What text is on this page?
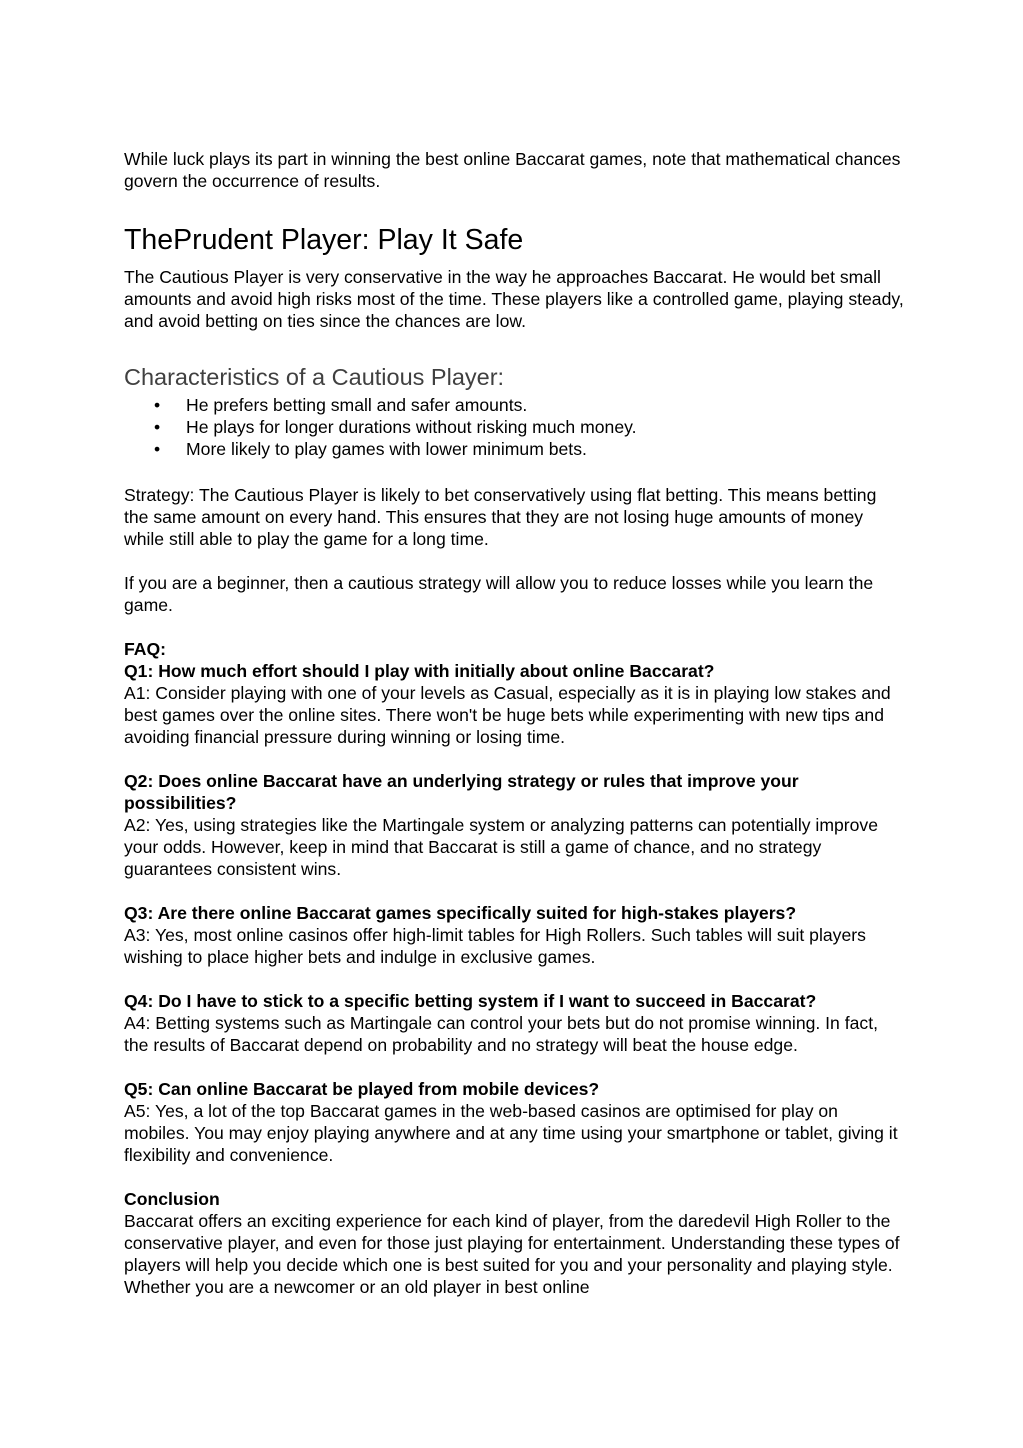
While luck plays its part in winning the best online Baccarat games, note that mathematical chances govern the occurrence of results.

ThePrudent Player: Play It Safe

The Cautious Player is very conservative in the way he approaches Baccarat. He would bet small amounts and avoid high risks most of the time. These players like a controlled game, playing steady, and avoid betting on ties since the chances are low.

Characteristics of a Cautious Player:
• He prefers betting small and safer amounts.
• He plays for longer durations without risking much money.
• More likely to play games with lower minimum bets.

Strategy: The Cautious Player is likely to bet conservatively using flat betting. This means betting the same amount on every hand. This ensures that they are not losing huge amounts of money while still able to play the game for a long time.

If you are a beginner, then a cautious strategy will allow you to reduce losses while you learn the game.

FAQ:

Q1: How much effort should I play with initially about online Baccarat?

A1: Consider playing with one of your levels as Casual, especially as it is in playing low stakes and best games over the online sites. There won't be huge bets while experimenting with new tips and avoiding financial pressure during winning or losing time.

Q2: Does online Baccarat have an underlying strategy or rules that improve your possibilities?

A2: Yes, using strategies like the Martingale system or analyzing patterns can potentially improve your odds. However, keep in mind that Baccarat is still a game of chance, and no strategy guarantees consistent wins.

Q3: Are there online Baccarat games specifically suited for high-stakes players?

A3: Yes, most online casinos offer high-limit tables for High Rollers. Such tables will suit players wishing to place higher bets and indulge in exclusive games.

Q4: Do I have to stick to a specific betting system if I want to succeed in Baccarat?

A4: Betting systems such as Martingale can control your bets but do not promise winning. In fact, the results of Baccarat depend on probability and no strategy will beat the house edge.

Q5: Can online Baccarat be played from mobile devices?

A5: Yes, a lot of the top Baccarat games in the web-based casinos are optimised for play on mobiles. You may enjoy playing anywhere and at any time using your smartphone or tablet, giving it flexibility and convenience.

Conclusion

Baccarat offers an exciting experience for each kind of player, from the daredevil High Roller to the conservative player, and even for those just playing for entertainment. Understanding these types of players will help you decide which one is best suited for you and your personality and playing style. Whether you are a newcomer or an old player in best online
